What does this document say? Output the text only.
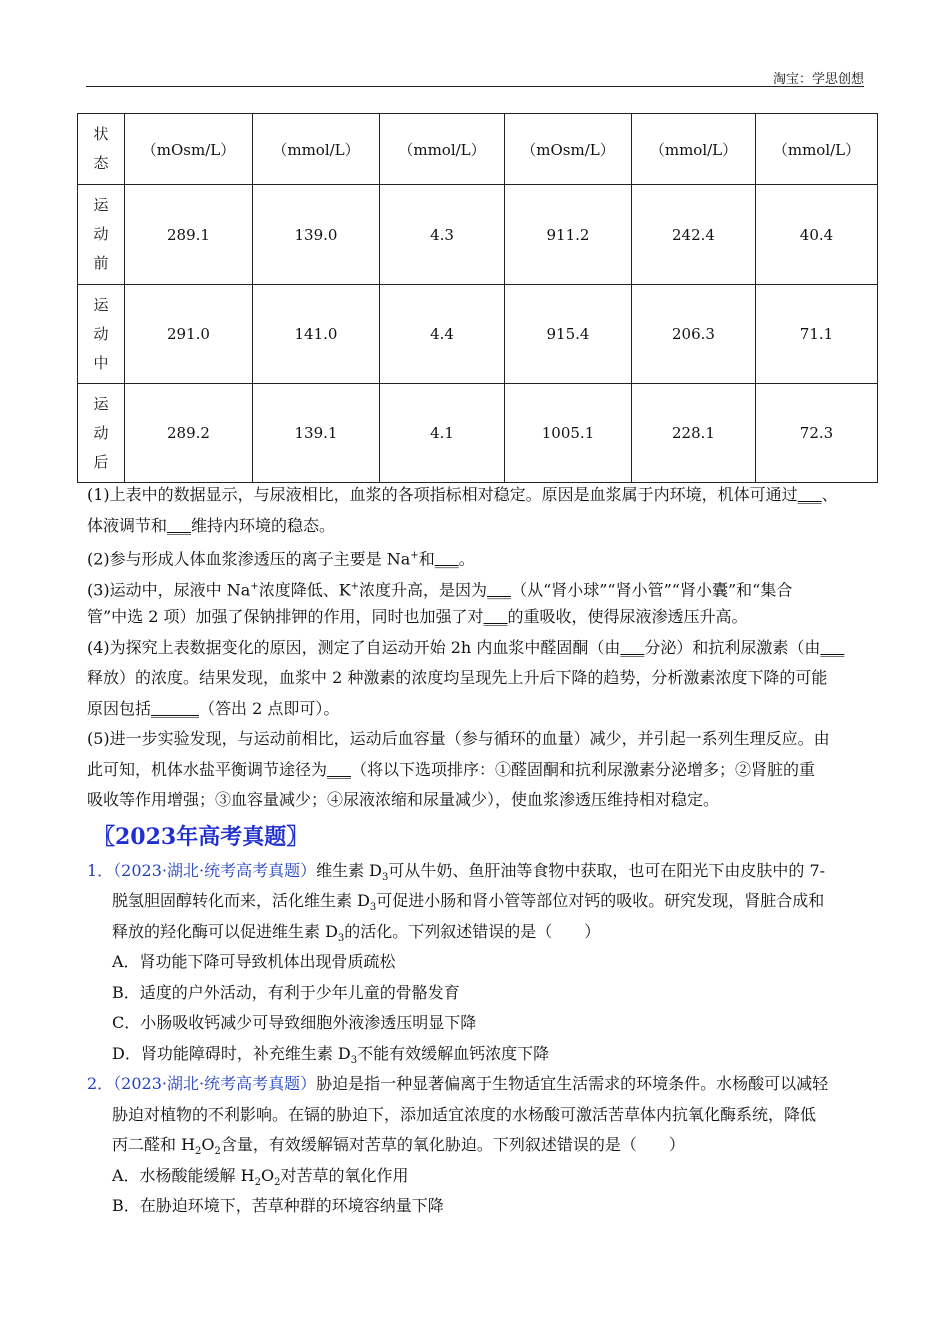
淘宝：学思创想
状
态	（mOsm/L）	（mmol/L）	（mmol/L）	（mOsm/L）	（mmol/L）	（mmol/L）

运
动
前	289.1	139.0	4.3	911.2	242.4	40.4

运
动
中	291.0	141.0	4.4	915.4	206.3	71.1

运
动
后	289.2	139.1	4.1	1005.1	228.1	72.3
(1)上表中的数据显示，与尿液相比，血浆的各项指标相对稳定。原因是血浆属于内环境，机体可通过___、
体液调节和___维持内环境的稳态。
(2)参与形成人体血浆渗透压的离子主要是 Na+和___。
(3)运动中，尿液中 Na+浓度降低、K+浓度升高，是因为___（从“肾小球”“肾小管”“肾小囊”和“集合
管”中选 2 项）加强了保钠排钾的作用，同时也加强了对___的重吸收，使得尿液渗透压升高。
(4)为探究上表数据变化的原因，测定了自运动开始 2h 内血浆中醛固酮（由___分泌）和抗利尿激素（由___
释放）的浓度。结果发现，血浆中 2 种激素的浓度均呈现先上升后下降的趋势，分析激素浓度下降的可能
原因包括______（答出 2 点即可）。
(5)进一步实验发现，与运动前相比，运动后血容量（参与循环的血量）减少，并引起一系列生理反应。由
此可知，机体水盐平衡调节途径为___（将以下选项排序：①醛固酮和抗利尿激素分泌增多；②肾脏的重
吸收等作用增强；③血容量减少；④尿液浓缩和尿量减少），使血浆渗透压维持相对稳定。
〖2023年高考真题〗
1．（2023·湖北·统考高考真题）维生素 $D_3$可从牛奶、鱼肝油等食物中获取，也可在阳光下由皮肤中的 7-
脱氢胆固醇转化而来，活化维生素 $D_3$可促进小肠和肾小管等部位对钙的吸收。研究发现，肾脏合成和
释放的羟化酶可以促进维生素 $D_3$的活化。下列叙述错误的是（　　）
A．肾功能下降可导致机体出现骨质疏松
B．适度的户外活动，有利于少年儿童的骨骼发育
C．小肠吸收钙减少可导致细胞外液渗透压明显下降
D．肾功能障碍时，补充维生素 $D_3$不能有效缓解血钙浓度下降
2．（2023·湖北·统考高考真题）胁迫是指一种显著偏离于生物适宜生活需求的环境条件。水杨酸可以减轻
胁迫对植物的不利影响。在镉的胁迫下，添加适宜浓度的水杨酸可激活苦草体内抗氧化酶系统，降低
丙二醛和 $H_2O_2$含量，有效缓解镉对苦草的氧化胁迫。下列叙述错误的是（　　）
A．水杨酸能缓解 $H_2O_2$对苦草的氧化作用
B．在胁迫环境下，苦草种群的环境容纳量下降
